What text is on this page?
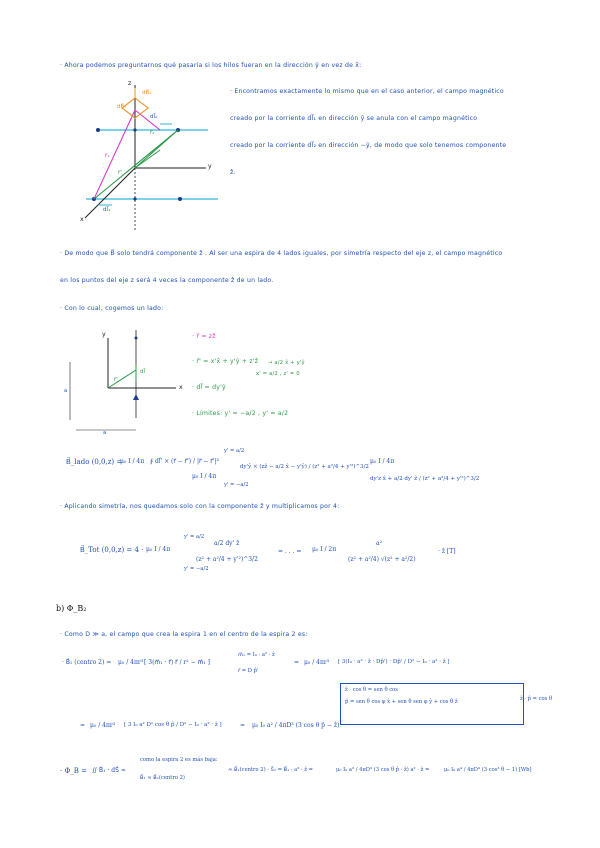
· Ahora podemos preguntarnos qué pasaría si los hilos fueran en la dirección ŷ en vez de x̂:
· Encontramos exactamente lo mismo que en el caso anterior, el campo magnético
creado por la corriente dl⃗₁ en dirección ŷ se anula con el campo magnético
creado por la corriente dl⃗₂ en dirección −ŷ, de modo que solo tenemos componente
ẑ.
z
y
x
dB⃗₁
dB⃗₂
r⃗₁
r⃗₂
r⃗'
r⃗'
dl⃗₁
dl⃗₂
· De modo que B⃗ solo tendrá componente ẑ . Al ser una espira de 4 lados iguales, por simetría respecto del eje z, el campo magnético
en los puntos del eje z será 4 veces la componente ẑ de un lado.
· Con lo cual, cogemos un lado:
y
x
a
a
r⃗'
dl⃗
· r⃗ = zẑ
· r⃗' = x'x̂ + y'ŷ + z'ẑ → a/2 x̂ + y'ŷ
x' = a/2 , z' = 0
· dl⃗ = dy'ŷ
· Límites: y' = −a/2 , y' = a/2
B⃗_lado (0,0,z) =
μ₀ I / 4π ∮ dl⃗' × (r⃗ − r⃗') / |r⃗ − r⃗'|³
μ₀ I / 4π
y' = a/2
y' = −a/2
dy'ŷ × (zẑ − a/2 x̂ − y'ŷ) / (z² + a²/4 + y'²)^3/2
μ₀ I / 4π
dy'z x̂ + a/2 dy' ẑ / (z² + a²/4 + y'²)^3/2
· Aplicando simetría, nos quedamos solo con la componente ẑ y multiplicamos por 4:
B⃗_Tot (0,0,z) = 4 · μ₀ I / 4π
y' = a/2
y' = −a/2
a/2 dy' ẑ
(z² + a²/4 + y'²)^3/2
= . . . = μ₀ I / 2π
a²
(z² + a²/4) √(z² + a²/2)
· ẑ [T]
b) Φ_B₂
· Como D ≫ a, el campo que crea la espira 1 en el centro de la espira 2 es:
· B⃗₁ (centro 2) = μ₀ / 4πr³ [ 3(m⃗₁ · r⃗) r⃗ / r² − m⃗₁ ]
m⃗₁ = I₀ · a² · ẑ
r⃗ = D p̂'
= μ₀ / 4πr³ [ 3(I₀ · a² · ẑ · Dp̂') · Dp̂' / D² − I₀ · a² · ẑ ]
ẑ · cos θ = sen θ cos
p̂ = sen θ cos φ x̂ + sen θ sen φ ŷ + cos θ ẑ	ẑ · p̂ = cos θ
= μ₀ / 4πr³ [ 3 I₀ a² D² cos θ p̂ / D² − I₀ · a² · ẑ ]	= μ₀ I₀ a² / 4πD³ (3 cos θ p̂ − ẑ)
· Φ_B = ∬ B⃗₁ · dS⃗ ≈
como la espira 2 es más baja:
B⃗₁ ≈ B⃗₁(centro 2)
≈ B⃗₁(centro 2) · S⃗₂ = B⃗₁ · a² · ẑ =	μ₀ I₀ a² / 4πD³ (3 cos θ p̂ · ẑ) a² · ẑ =	μ₀ I₀ a⁴ / 4πD³ (3 cos² θ − 1) [Wb]
